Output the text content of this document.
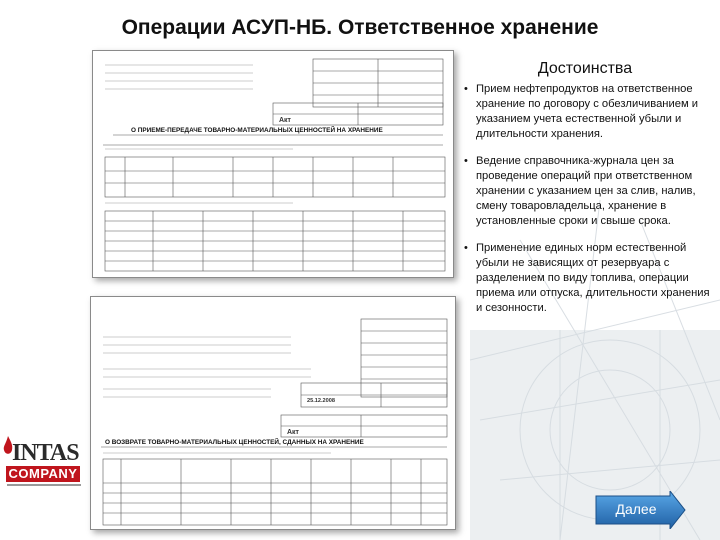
Операции АСУП-НБ. Ответственное хранение
Достоинства
• Прием нефтепродуктов на ответственное хранение по договору с обезличиванием и указанием учета естественной убыли и длительности хранения.
• Ведение справочника-журнала цен за проведение операций при ответственном хранении с указанием цен за слив, налив, смену товаровладельца, хранение в установленные сроки и свыше срока.
• Применение единых норм естественной убыли не зависящих от резервуара с разделением по виду топлива, операции приема или отпуска, длительности хранения и сезонности.
Акт
О ПРИЕМЕ-ПЕРЕДАЧЕ ТОВАРНО-МАТЕРИАЛЬНЫХ ЦЕННОСТЕЙ НА ХРАНЕНИЕ
25.12.2008
Акт
О ВОЗВРАТЕ ТОВАРНО-МАТЕРИАЛЬНЫХ ЦЕННОСТЕЙ, СДАННЫХ НА ХРАНЕНИЕ
INTAS
COMPANY
Далее
